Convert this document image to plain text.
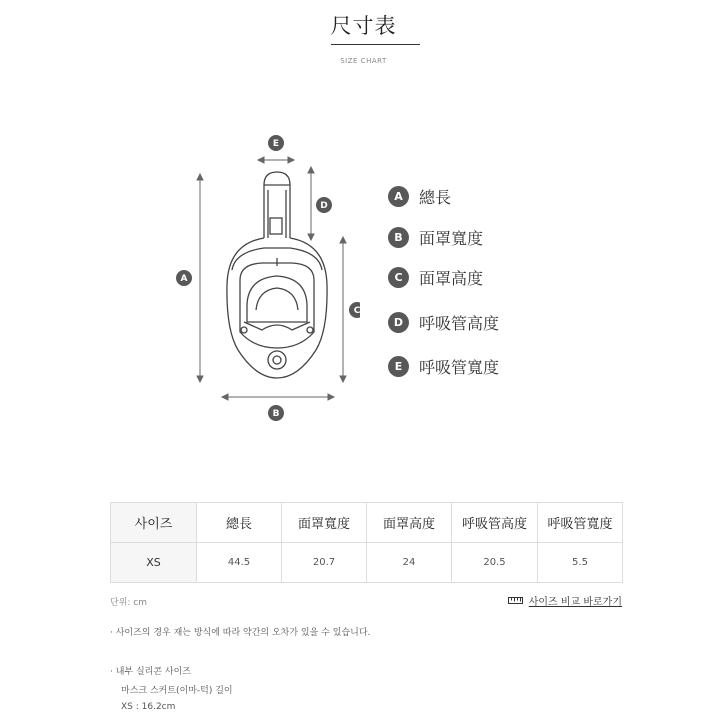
尺寸表
SIZE CHART
A
B
C
D
E
A	總長
B	面罩寬度
C	面罩高度
D 呼吸管高度
E	呼吸管寬度
사이즈	總長	面罩寬度	面罩高度	呼吸管高度	呼吸管寬度
XS	44.5	20.7	24	20.5	5.5
단위: cm	사이즈 비교 바로가기
· 사이즈의 경우 재는 방식에 따라 약간의 오차가 있을 수 있습니다.
· 내부 실리콘 사이즈
마스크 스커트(이마-턱) 길이
XS : 16.2cm
